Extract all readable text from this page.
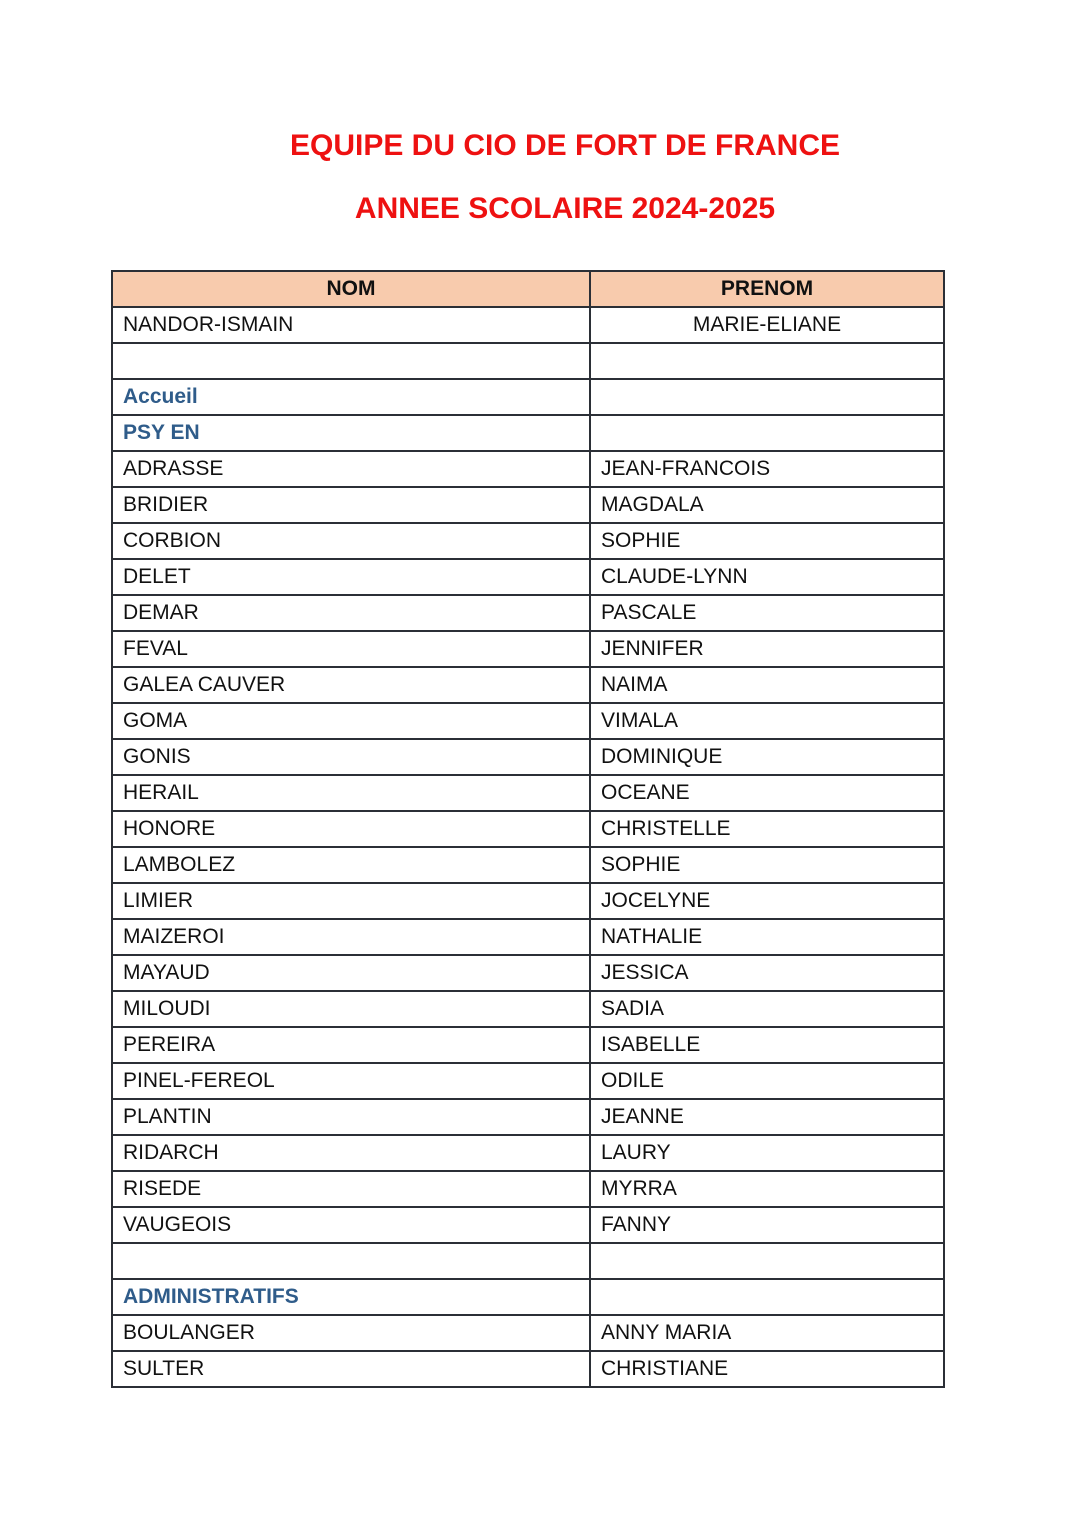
EQUIPE DU CIO DE FORT DE FRANCE
ANNEE SCOLAIRE 2024-2025
NOM	PRENOM
NANDOR-ISMAIN	MARIE-ELIANE

Accueil	
PSY EN	
ADRASSE	JEAN-FRANCOIS
BRIDIER	MAGDALA
CORBION	SOPHIE
DELET	CLAUDE-LYNN
DEMAR	PASCALE
FEVAL	JENNIFER
GALEA CAUVER	NAIMA
GOMA	VIMALA
GONIS	DOMINIQUE
HERAIL	OCEANE
HONORE	CHRISTELLE
LAMBOLEZ	SOPHIE
LIMIER	JOCELYNE
MAIZEROI	NATHALIE
MAYAUD	JESSICA
MILOUDI	SADIA
PEREIRA	ISABELLE
PINEL-FEREOL	ODILE
PLANTIN	JEANNE
RIDARCH	LAURY
RISEDE	MYRRA
VAUGEOIS	FANNY

ADMINISTRATIFS	
BOULANGER	ANNY MARIA
SULTER	CHRISTIANE
